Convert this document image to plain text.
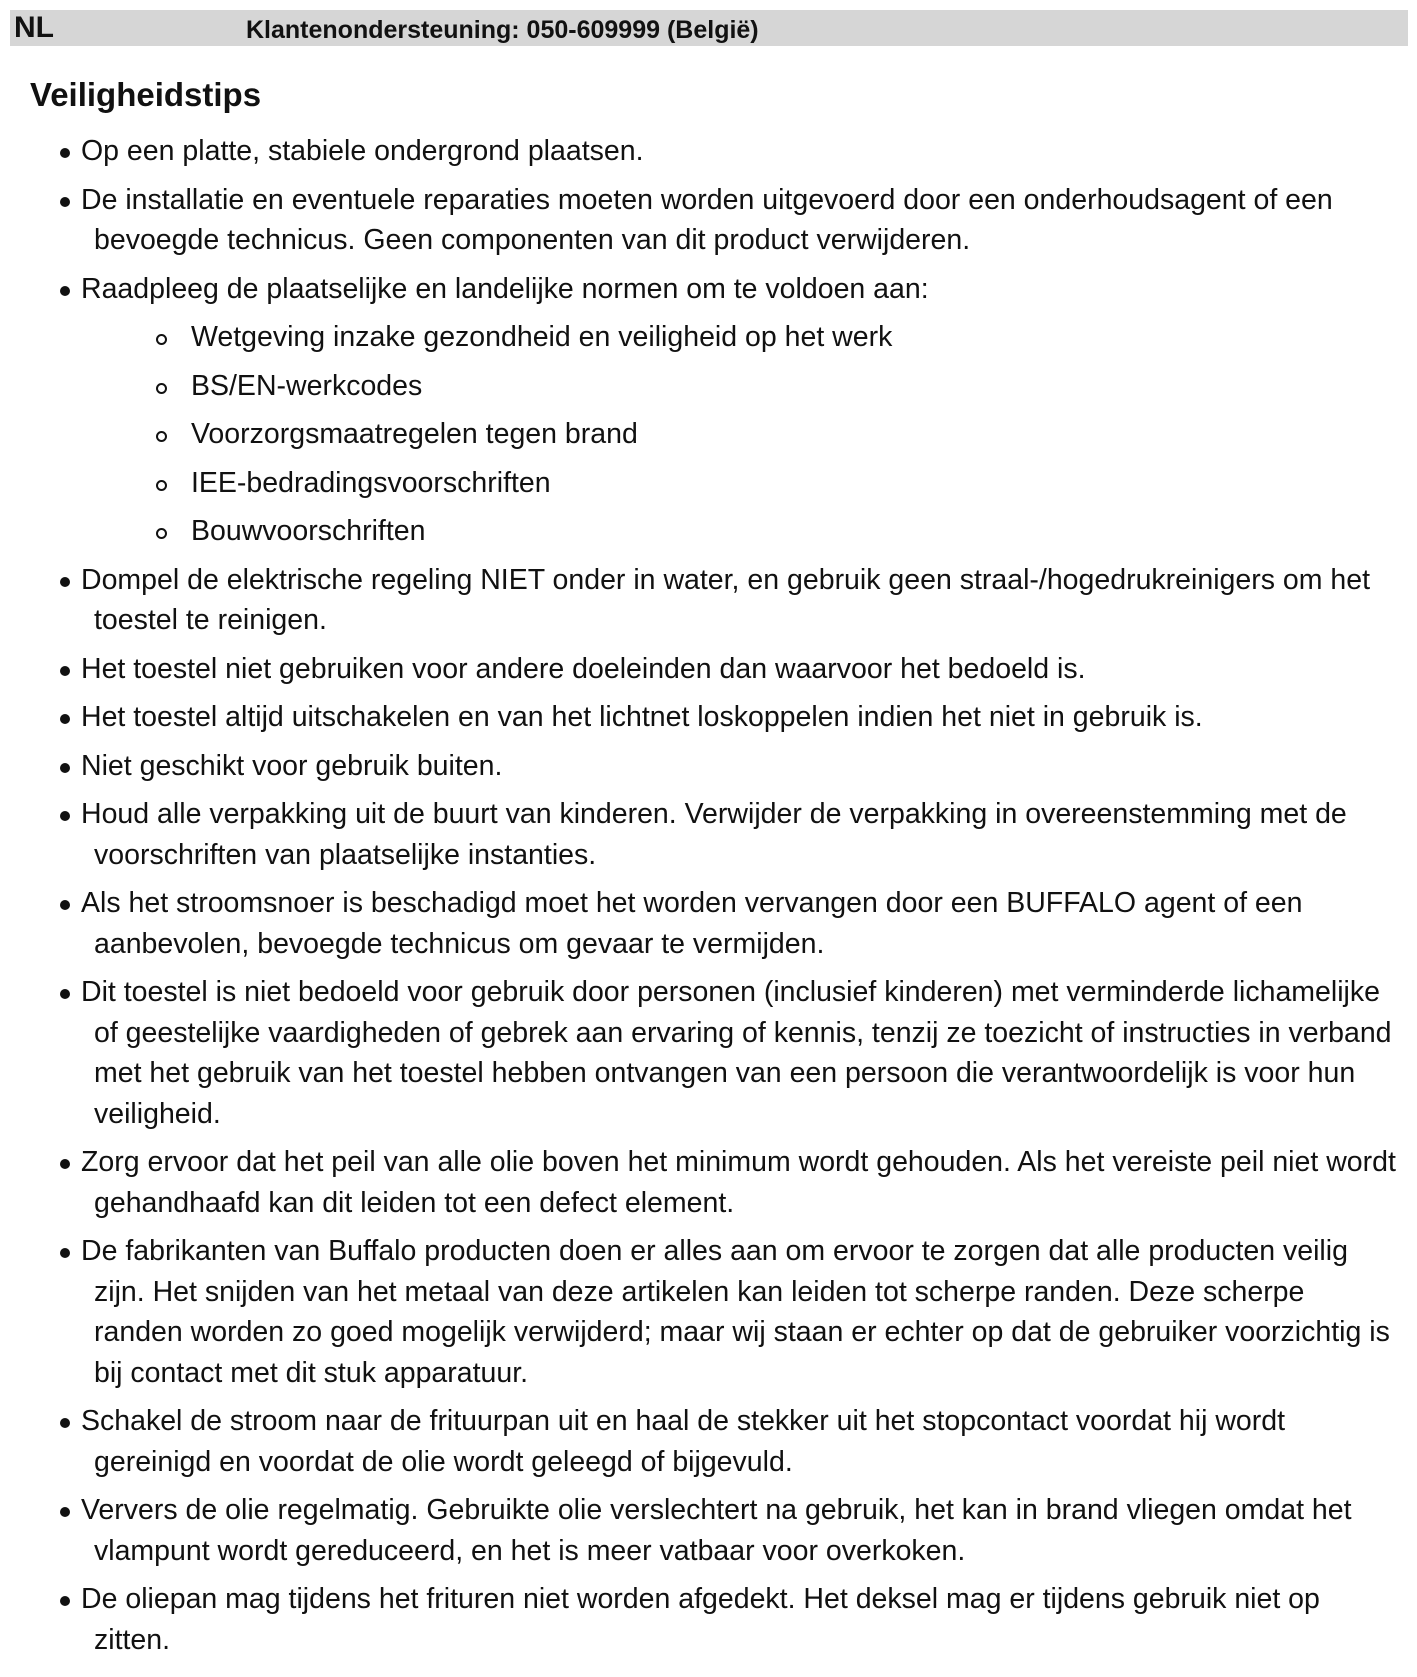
NL	Klantenondersteuning: 050-609999 (België)
Veiligheidstips
Op een platte, stabiele ondergrond plaatsen.
De installatie en eventuele reparaties moeten worden uitgevoerd door een onderhoudsagent of een bevoegde technicus. Geen componenten van dit product verwijderen.
Raadpleeg de plaatselijke en landelijke normen om te voldoen aan:
Wetgeving inzake gezondheid en veiligheid op het werk
BS/EN-werkcodes
Voorzorgsmaatregelen tegen brand
IEE-bedradingsvoorschriften
Bouwvoorschriften
Dompel de elektrische regeling NIET onder in water, en gebruik geen straal-/hogedrukreinigers om het toestel te reinigen.
Het toestel niet gebruiken voor andere doeleinden dan waarvoor het bedoeld is.
Het toestel altijd uitschakelen en van het lichtnet loskoppelen indien het niet in gebruik is.
Niet geschikt voor gebruik buiten.
Houd alle verpakking uit de buurt van kinderen. Verwijder de verpakking in overeenstemming met de voorschriften van plaatselijke instanties.
Als het stroomsnoer is beschadigd moet het worden vervangen door een BUFFALO agent of een aanbevolen, bevoegde technicus om gevaar te vermijden.
Dit toestel is niet bedoeld voor gebruik door personen (inclusief kinderen) met verminderde lichamelijke of geestelijke vaardigheden of gebrek aan ervaring of kennis, tenzij ze toezicht of instructies in verband met het gebruik van het toestel hebben ontvangen van een persoon die verantwoordelijk is voor hun veiligheid.
Zorg ervoor dat het peil van alle olie boven het minimum wordt gehouden. Als het vereiste peil niet wordt gehandhaafd kan dit leiden tot een defect element.
De fabrikanten van Buffalo producten doen er alles aan om ervoor te zorgen dat alle producten veilig zijn. Het snijden van het metaal van deze artikelen kan leiden tot scherpe randen. Deze scherpe randen worden zo goed mogelijk verwijderd; maar wij staan er echter op dat de gebruiker voorzichtig is bij contact met dit stuk apparatuur.
Schakel de stroom naar de frituurpan uit en haal de stekker uit het stopcontact voordat hij wordt gereinigd en voordat de olie wordt geleegd of bijgevuld.
Ververs de olie regelmatig. Gebruikte olie verslechtert na gebruik, het kan in brand vliegen omdat het vlampunt wordt gereduceerd, en het is meer vatbaar voor overkoken.
De oliepan mag tijdens het frituren niet worden afgedekt. Het deksel mag er tijdens gebruik niet op zitten.
